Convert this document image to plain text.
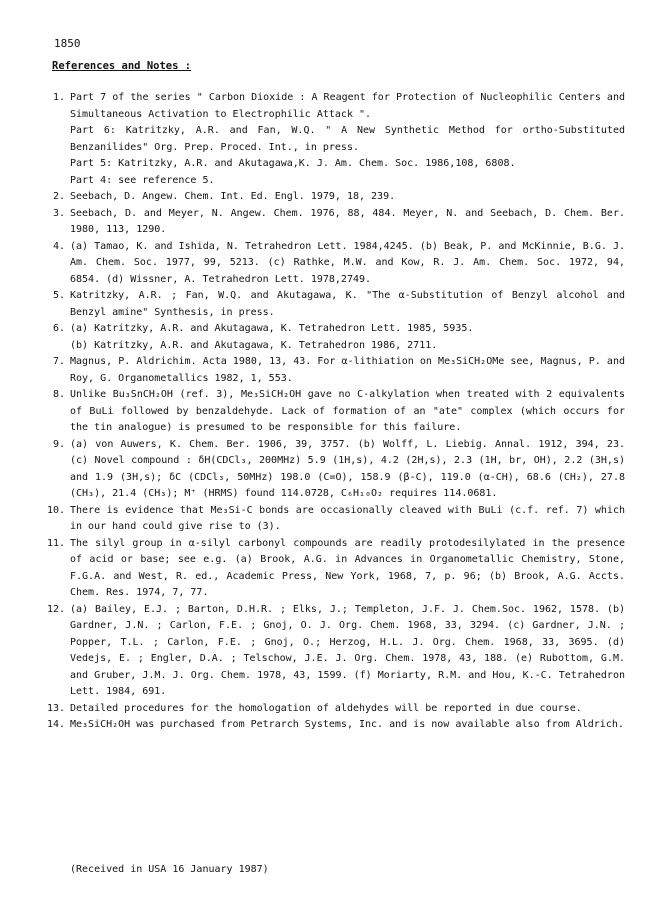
1850
References and Notes :
1. Part 7 of the series " Carbon Dioxide : A Reagent for Protection of Nucleophilic Centers and Simultaneous Activation to Electrophilic Attack ".

Part 6: Katritzky, A.R. and Fan, W.Q. " A New Synthetic Method for ortho-Substituted Benzanilides" Org. Prep. Proced. Int., in press.

Part 5: Katritzky, A.R. and Akutagawa,K. J. Am. Chem. Soc. 1986,108, 6808.

Part 4: see reference 5.

2. Seebach, D. Angew. Chem. Int. Ed. Engl. 1979, 18, 239.

3. Seebach, D. and Meyer, N. Angew. Chem. 1976, 88, 484. Meyer, N. and Seebach, D. Chem. Ber. 1980, 113, 1290.

4. (a) Tamao, K. and Ishida, N. Tetrahedron Lett. 1984,4245. (b) Beak, P. and McKinnie, B.G. J. Am. Chem. Soc. 1977, 99, 5213. (c) Rathke, M.W. and Kow, R. J. Am. Chem. Soc. 1972, 94, 6854. (d) Wissner, A. Tetrahedron Lett. 1978,2749.

5. Katritzky, A.R. ; Fan, W.Q. and Akutagawa, K. "The α-Substitution of Benzyl alcohol and Benzyl amine" Synthesis, in press.

6. (a) Katritzky, A.R. and Akutagawa, K. Tetrahedron Lett. 1985, 5935.

(b) Katritzky, A.R. and Akutagawa, K. Tetrahedron 1986, 2711.

7. Magnus, P. Aldrichim. Acta 1980, 13, 43. For α-lithiation on Me₃SiCH₂OMe see, Magnus, P. and Roy, G. Organometallics 1982, 1, 553.

8. Unlike Bu₃SnCH₂OH (ref. 3), Me₃SiCH₂OH gave no C-alkylation when treated with 2 equivalents of BuLi followed by benzaldehyde. Lack of formation of an "ate" complex (which occurs for the tin analogue) is presumed to be responsible for this failure.

9. (a) von Auwers, K. Chem. Ber. 1906, 39, 3757. (b) Wolff, L. Liebig. Annal. 1912, 394, 23. (c) Novel compound : δH(CDCl₃, 200MHz) 5.9 (1H,s), 4.2 (2H,s), 2.3 (1H, br, OH), 2.2 (3H,s) and 1.9 (3H,s); δC (CDCl₃, 50MHz) 198.0 (C=O), 158.9 (β-C), 119.0 (α-CH), 68.6 (CH₂), 27.8 (CH₃), 21.4 (CH₃); M⁺ (HRMS) found 114.0728, C₆H₁₀O₂ requires 114.0681.

10. There is evidence that Me₃Si-C bonds are occasionally cleaved with BuLi (c.f. ref. 7) which in our hand could give rise to (3).

11. The silyl group in α-silyl carbonyl compounds are readily protodesilylated in the presence of acid or base; see e.g. (a) Brook, A.G. in Advances in Organometallic Chemistry, Stone, F.G.A. and West, R. ed., Academic Press, New York, 1968, 7, p. 96; (b) Brook, A.G. Accts. Chem. Res. 1974, 7, 77.

12. (a) Bailey, E.J. ; Barton, D.H.R. ; Elks, J.; Templeton, J.F. J. Chem.Soc. 1962, 1578. (b) Gardner, J.N. ; Carlon, F.E. ; Gnoj, O. J. Org. Chem. 1968, 33, 3294. (c) Gardner, J.N. ; Popper, T.L. ; Carlon, F.E. ; Gnoj, O.; Herzog, H.L. J. Org. Chem. 1968, 33, 3695. (d) Vedejs, E. ; Engler, D.A. ; Telschow, J.E. J. Org. Chem. 1978, 43, 188. (e) Rubottom, G.M. and Gruber, J.M. J. Org. Chem. 1978, 43, 1599. (f) Moriarty, R.M. and Hou, K.-C. Tetrahedron Lett. 1984, 691.

13. Detailed procedures for the homologation of aldehydes will be reported in due course.

14. Me₃SiCH₂OH was purchased from Petrarch Systems, Inc. and is now available also from Aldrich.

(Received in USA 16 January 1987)
